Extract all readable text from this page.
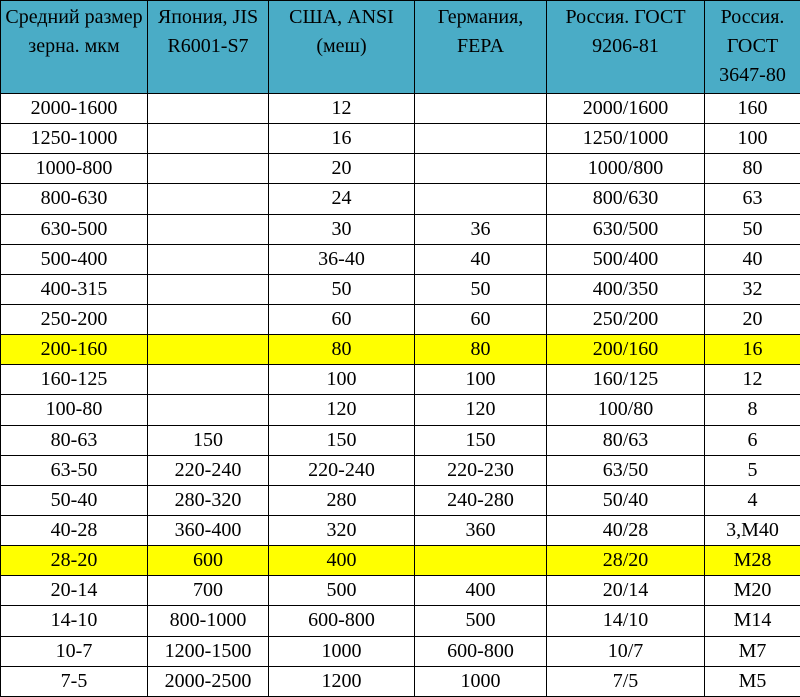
Средний размер зерна. мкм	Япония, JIS R6001-S7	США, ANSI (меш)	Германия, FEPA	Россия. ГОСТ 9206-81	Россия. ГОСТ 3647-80
2000-1600		12		2000/1600	160
1250-1000		16		1250/1000	100
1000-800		20		1000/800	80
800-630		24		800/630	63
630-500		30	36	630/500	50
500-400		36-40	40	500/400	40
400-315		50	50	400/350	32
250-200		60	60	250/200	20
200-160		80	80	200/160	16
160-125		100	100	160/125	12
100-80		120	120	100/80	8
80-63	150	150	150	80/63	6
63-50	220-240	220-240	220-230	63/50	5
50-40	280-320	280	240-280	50/40	4
40-28	360-400	320	360	40/28	3,M40
28-20	600	400		28/20	M28
20-14	700	500	400	20/14	M20
14-10	800-1000	600-800	500	14/10	M14
10-7	1200-1500	1000	600-800	10/7	M7
7-5	2000-2500	1200	1000	7/5	M5
